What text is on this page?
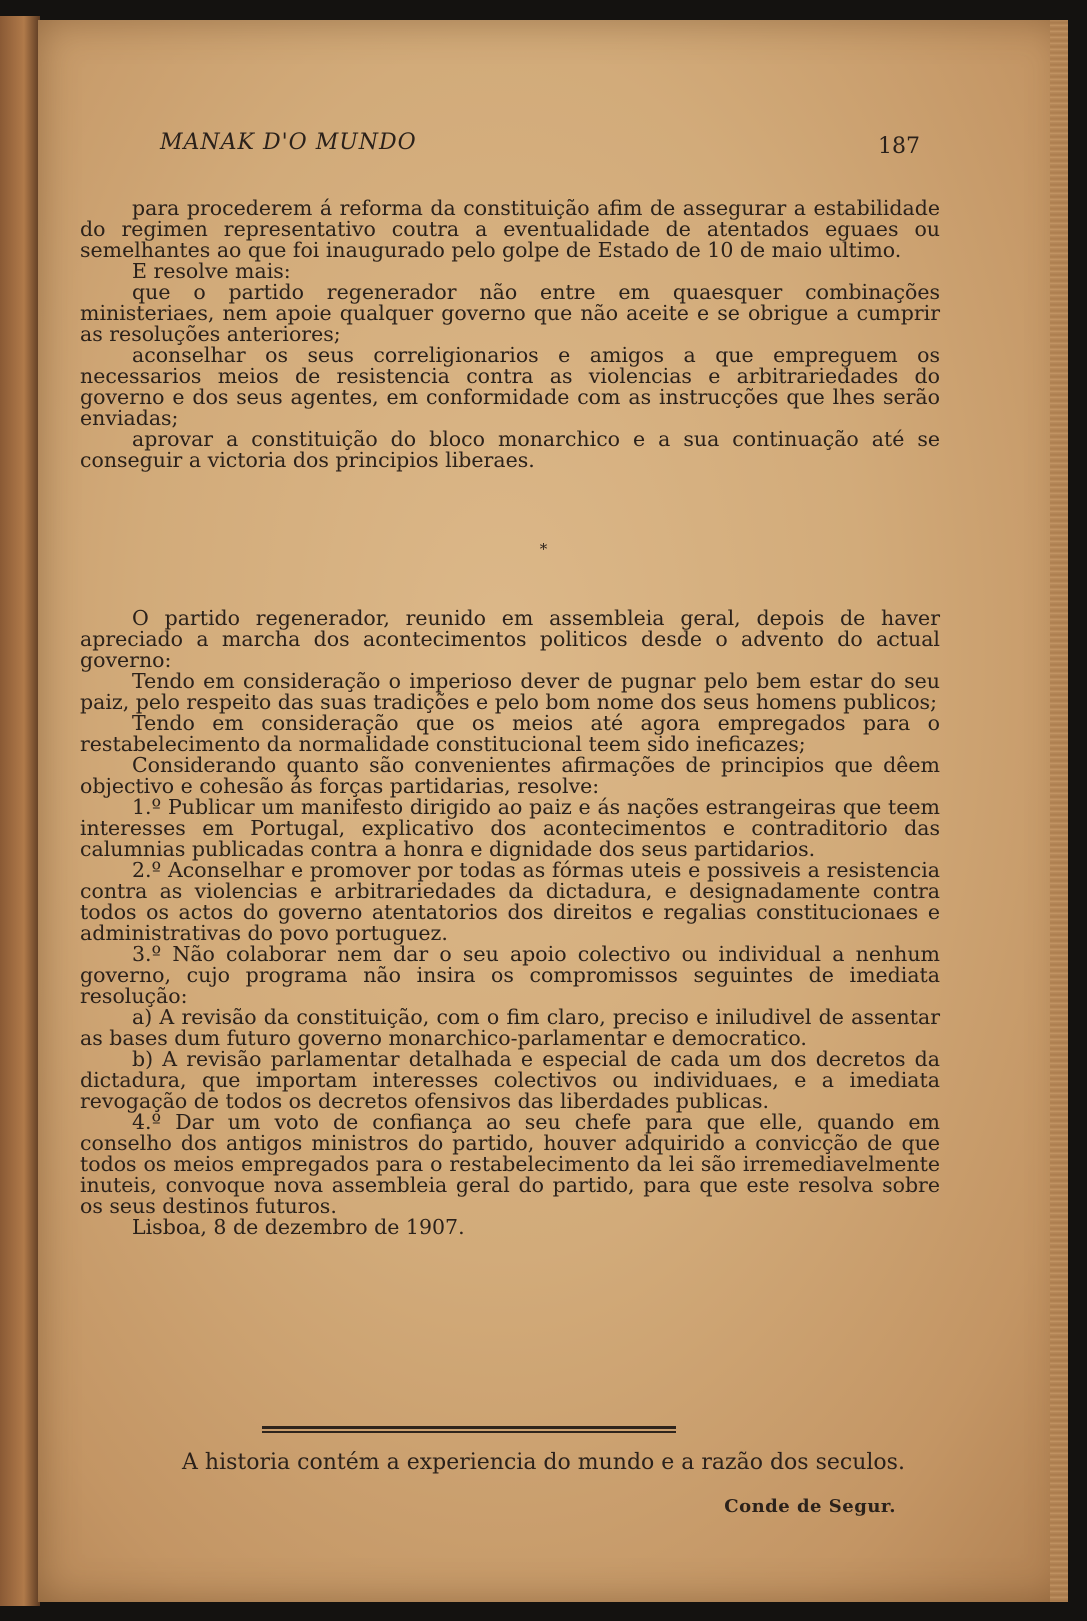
MANAK D'O MUNDO	187

para procederem á reforma da constituição afim de assegurar a estabilidade do regimen representativo coutra a eventualidade de atentados eguaes ou semelhantes ao que foi inaugurado pelo golpe de Estado de 10 de maio ultimo.

E resolve mais:

que o partido regenerador não entre em quaesquer combinações ministeriaes, nem apoie qualquer governo que não aceite e se obrigue a cumprir as resoluções anteriores;

aconselhar os seus correligionarios e amigos a que empreguem os necessarios meios de resistencia contra as violencias e arbitrariedades do governo e dos seus agentes, em conformidade com as instrucções que lhes serão enviadas;

aprovar a constituição do bloco monarchico e a sua continuação até se conseguir a victoria dos principios liberaes.

*

O partido regenerador, reunido em assembleia geral, depois de haver apreciado a marcha dos acontecimentos politicos desde o advento do actual governo:

Tendo em consideração o imperioso dever de pugnar pelo bem estar do seu paiz, pelo respeito das suas tradições e pelo bom nome dos seus homens publicos;

Tendo em consideração que os meios até agora empregados para o restabelecimento da normalidade constitucional teem sido ineficazes;

Considerando quanto são convenientes afirmações de principios que dêem objectivo e cohesão ás forças partidarias, resolve:

1.º Publicar um manifesto dirigido ao paiz e ás nações estrangeiras que teem interesses em Portugal, explicativo dos acontecimentos e contraditorio das calumnias publicadas contra a honra e dignidade dos seus partidarios.

2.º Aconselhar e promover por todas as fórmas uteis e possiveis a resistencia contra as violencias e arbitrariedades da dictadura, e designadamente contra todos os actos do governo atentatorios dos direitos e regalias constitucionaes e administrativas do povo portuguez.

3.º Não colaborar nem dar o seu apoio colectivo ou individual a nenhum governo, cujo programa não insira os compromissos seguintes de imediata resolução:

a) A revisão da constituição, com o fim claro, preciso e iniludivel de assentar as bases dum futuro governo monarchico-parlamentar e democratico.

b) A revisão parlamentar detalhada e especial de cada um dos decretos da dictadura, que importam interesses colectivos ou individuaes, e a imediata revogação de todos os decretos ofensivos das liberdades publicas.

4.º Dar um voto de confiança ao seu chefe para que elle, quando em conselho dos antigos ministros do partido, houver adquirido a convicção de que todos os meios empregados para o restabelecimento da lei são irremediavelmente inuteis, convoque nova assembleia geral do partido, para que este resolva sobre os seus destinos futuros.

Lisboa, 8 de dezembro de 1907.

A historia contém a experiencia do mundo e a razão dos seculos.
Conde de Segur.
